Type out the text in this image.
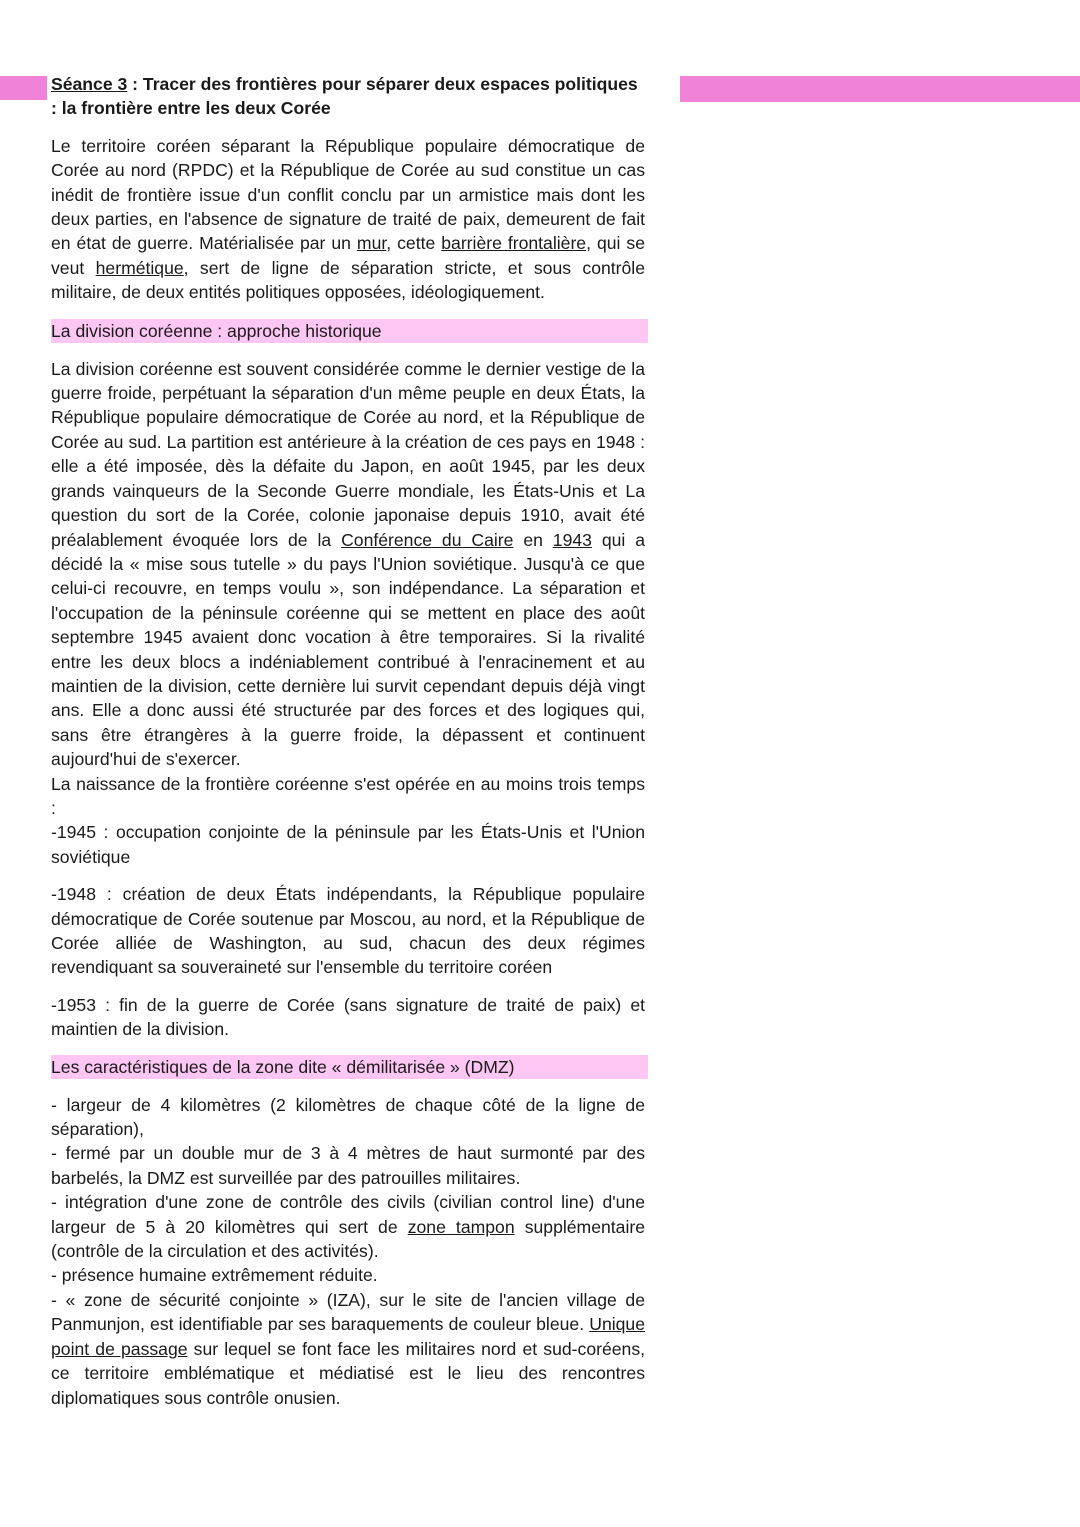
Séance 3 : Tracer des frontières pour séparer deux espaces politiques : la frontière entre les deux Corée

Le territoire coréen séparant la République populaire démocratique de Corée au nord (RPDC) et la République de Corée au sud constitue un cas inédit de frontière issue d'un conflit conclu par un armistice mais dont les deux parties, en l'absence de signature de traité de paix, demeurent de fait en état de guerre. Matérialisée par un mur, cette barrière frontalière, qui se veut hermétique, sert de ligne de séparation stricte, et sous contrôle militaire, de deux entités politiques opposées, idéologiquement.

La division coréenne : approche historique

La division coréenne est souvent considérée comme le dernier vestige de la guerre froide, perpétuant la séparation d'un même peuple en deux États, la République populaire démocratique de Corée au nord, et la République de Corée au sud. La partition est antérieure à la création de ces pays en 1948 : elle a été imposée, dès la défaite du Japon, en août 1945, par les deux grands vainqueurs de la Seconde Guerre mondiale, les États-Unis et La question du sort de la Corée, colonie japonaise depuis 1910, avait été préalablement évoquée lors de la Conférence du Caire en 1943 qui a décidé la « mise sous tutelle » du pays l'Union soviétique. Jusqu'à ce que celui-ci recouvre, en temps voulu », son indépendance. La séparation et l'occupation de la péninsule coréenne qui se mettent en place des août septembre 1945 avaient donc vocation à être temporaires. Si la rivalité entre les deux blocs a indéniablement contribué à l'enracinement et au maintien de la division, cette dernière lui survit cependant depuis déjà vingt ans. Elle a donc aussi été structurée par des forces et des logiques qui, sans être étrangères à la guerre froide, la dépassent et continuent aujourd'hui de s'exercer.

La naissance de la frontière coréenne s'est opérée en au moins trois temps :

-1945 : occupation conjointe de la péninsule par les États-Unis et l'Union soviétique

-1948 : création de deux États indépendants, la République populaire démocratique de Corée soutenue par Moscou, au nord, et la République de Corée alliée de Washington, au sud, chacun des deux régimes revendiquant sa souveraineté sur l'ensemble du territoire coréen

-1953 : fin de la guerre de Corée (sans signature de traité de paix) et maintien de la division.

Les caractéristiques de la zone dite « démilitarisée » (DMZ)

- largeur de 4 kilomètres (2 kilomètres de chaque côté de la ligne de séparation),

- fermé par un double mur de 3 à 4 mètres de haut surmonté par des barbelés, la DMZ est surveillée par des patrouilles militaires.

- intégration d'une zone de contrôle des civils (civilian control line) d'une largeur de 5 à 20 kilomètres qui sert de zone tampon supplémentaire (contrôle de la circulation et des activités).

- présence humaine extrêmement réduite.

- « zone de sécurité conjointe » (IZA), sur le site de l'ancien village de Panmunjon, est identifiable par ses baraquements de couleur bleue. Unique point de passage sur lequel se font face les militaires nord et sud-coréens, ce territoire emblématique et médiatisé est le lieu des rencontres diplomatiques sous contrôle onusien.
